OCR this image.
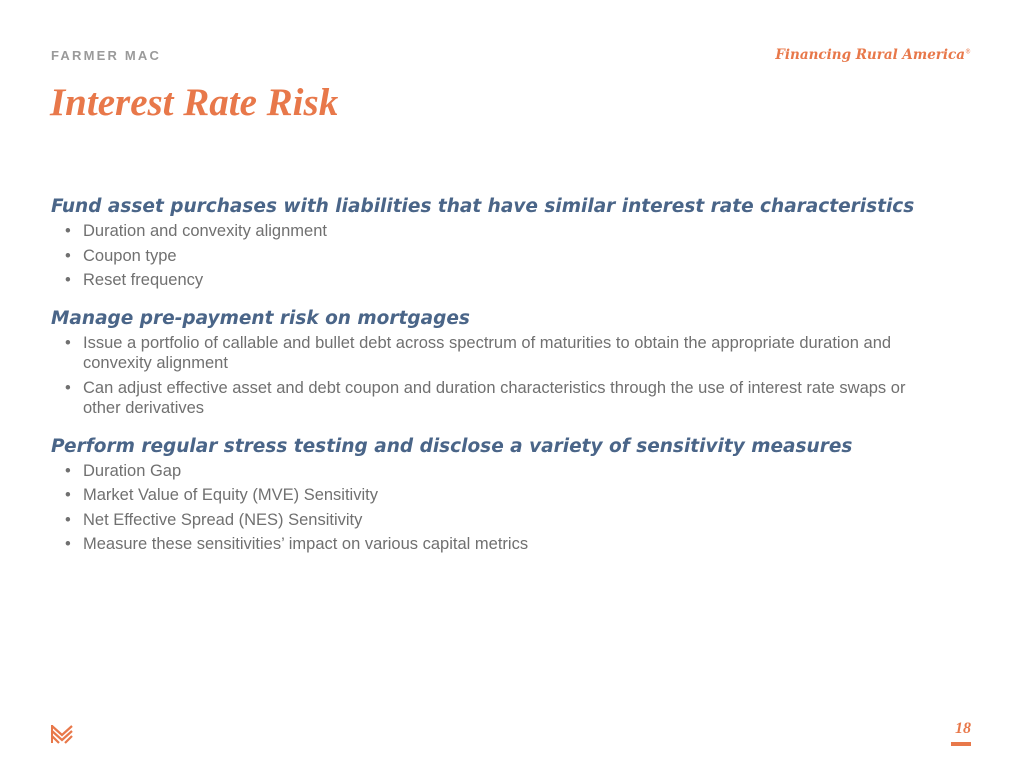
FARMER MAC	Financing Rural America®
Interest Rate Risk
Fund asset purchases with liabilities that have similar interest rate characteristics
• Duration and convexity alignment
• Coupon type
• Reset frequency
Manage pre-payment risk on mortgages
• Issue a portfolio of callable and bullet debt across spectrum of maturities to obtain the appropriate duration and convexity alignment
• Can adjust effective asset and debt coupon and duration characteristics through the use of interest rate swaps or other derivatives
Perform regular stress testing and disclose a variety of sensitivity measures
• Duration Gap
• Market Value of Equity (MVE) Sensitivity
• Net Effective Spread (NES) Sensitivity
• Measure these sensitivities’ impact on various capital metrics
18
